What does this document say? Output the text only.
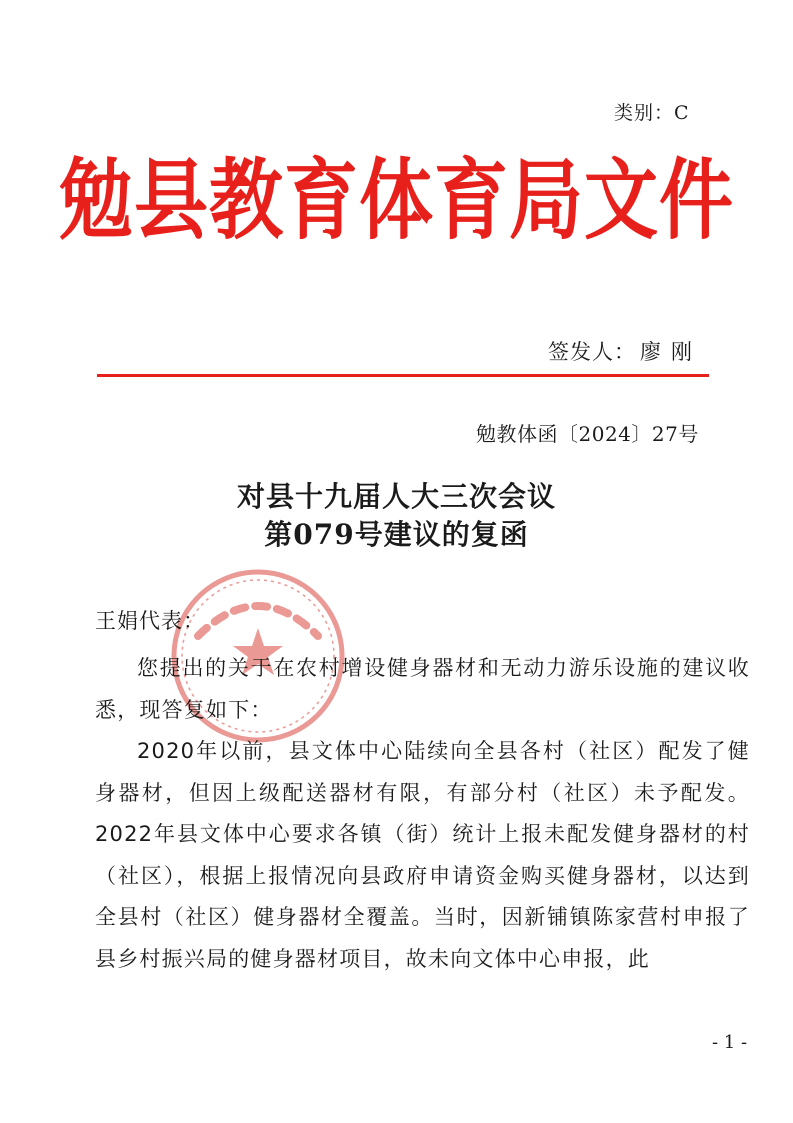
类别：C
勉县教育体育局文件
签发人： 廖刚
勉教体函〔2024〕27号
对县十九届人大三次会议
第079号建议的复函
王娟代表：

您提出的关于在农村增设健身器材和无动力游乐设施的建议收悉，现答复如下：

2020年以前，县文体中心陆续向全县各村（社区）配发了健身器材，但因上级配送器材有限，有部分村（社区）未予配发。2022年县文体中心要求各镇（街）统计上报未配发健身器材的村（社区），根据上报情况向县政府申请资金购买健身器材，以达到全县村（社区）健身器材全覆盖。当时，因新铺镇陈家营村申报了县乡村振兴局的健身器材项目，故未向文体中心申报，此

- 1 -
